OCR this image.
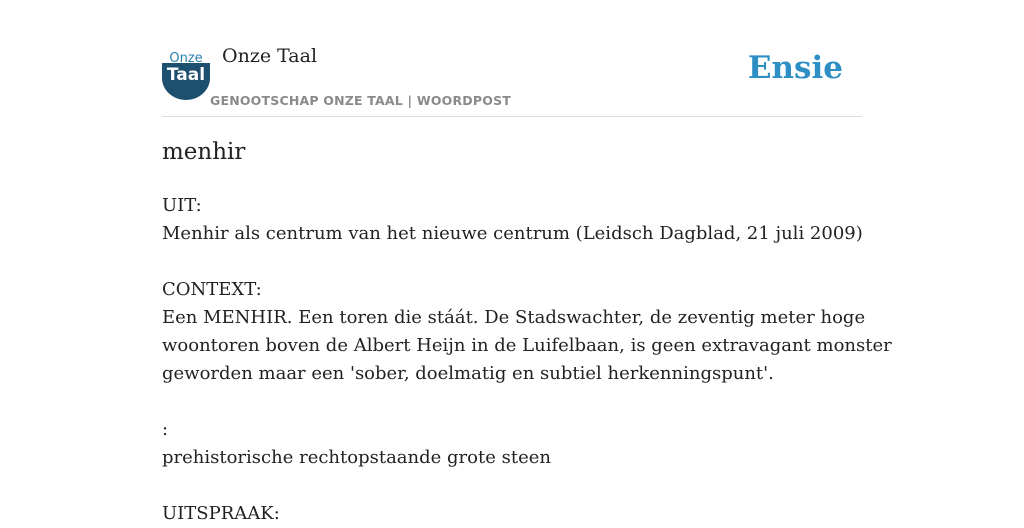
Onze
Taal
Onze Taal
GENOOTSCHAP ONZE TAAL | WOORDPOST
Ensie
menhir
UIT:
Menhir als centrum van het nieuwe centrum (Leidsch Dagblad, 21 juli 2009)
CONTEXT:
Een MENHIR. Een toren die stáát. De Stadswachter, de zeventig meter hoge
woontoren boven de Albert Heijn in de Luifelbaan, is geen extravagant monster
geworden maar een 'sober, doelmatig en subtiel herkenningspunt'.
:
prehistorische rechtopstaande grote steen
UITSPRAAK:
